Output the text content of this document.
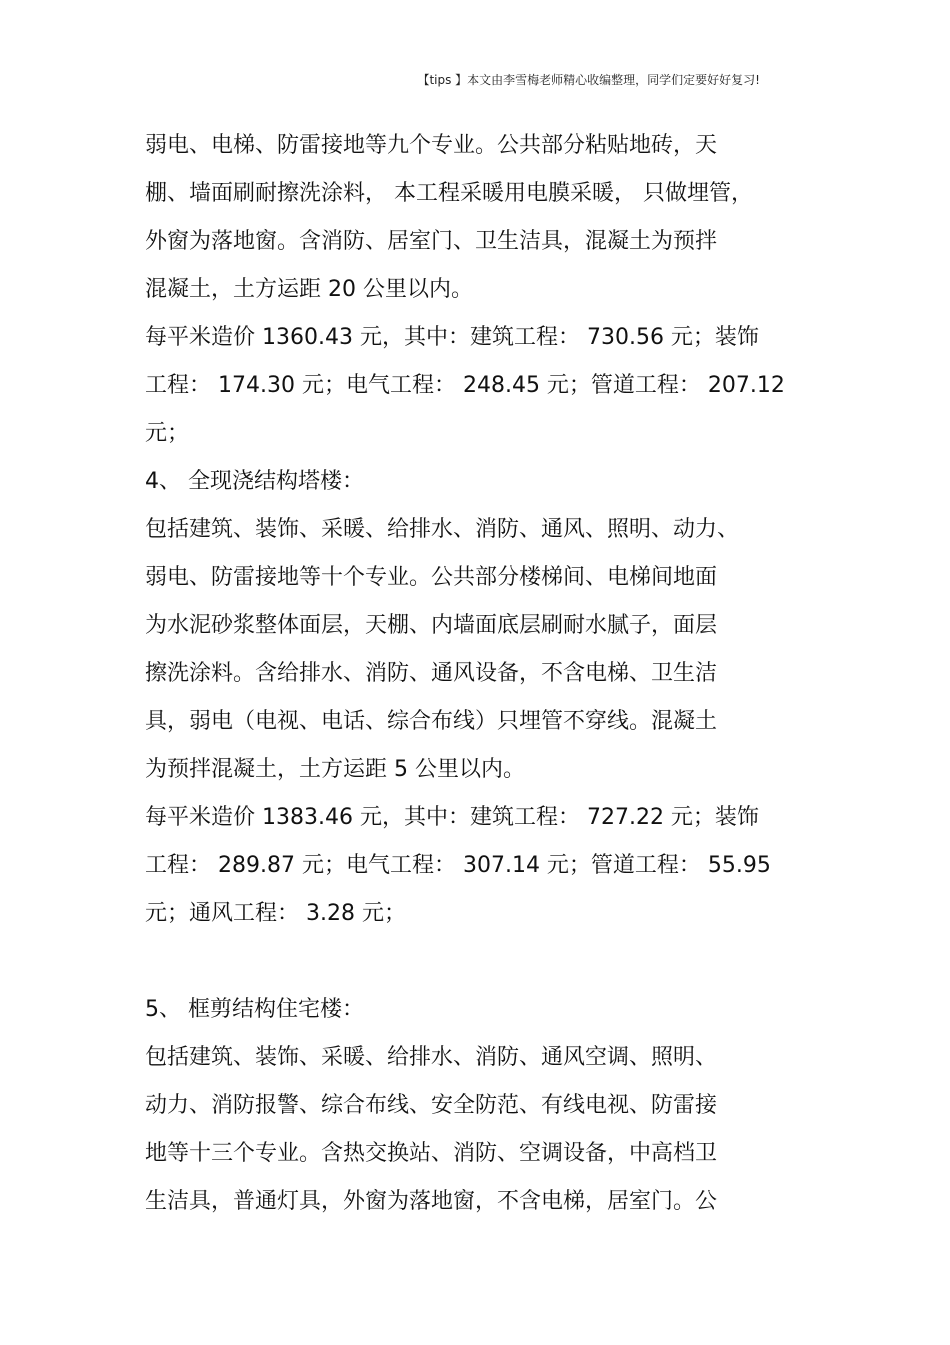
【tips 】本文由李雪梅老师精心收编整理，同学们定要好好复习!
弱电、电梯、防雷接地等九个专业。公共部分粘贴地砖，天
棚、墙面刷耐擦洗涂料， 本工程采暖用电膜采暖， 只做埋管，
外窗为落地窗。含消防、居室门、卫生洁具，混凝土为预拌
混凝土，土方运距 20 公里以内。
每平米造价 1360.43 元，其中：建筑工程： 730.56 元；装饰
工程： 174.30 元；电气工程： 248.45 元；管道工程： 207.12
元；
4、 全现浇结构塔楼：
包括建筑、装饰、采暖、给排水、消防、通风、照明、动力、
弱电、防雷接地等十个专业。公共部分楼梯间、电梯间地面
为水泥砂浆整体面层，天棚、内墙面底层刷耐水腻子，面层
擦洗涂料。含给排水、消防、通风设备，不含电梯、卫生洁
具，弱电（电视、电话、综合布线）只埋管不穿线。混凝土
为预拌混凝土，土方运距 5 公里以内。
每平米造价 1383.46 元，其中：建筑工程： 727.22 元；装饰
工程： 289.87 元；电气工程： 307.14 元；管道工程： 55.95
元；通风工程： 3.28 元；
5、 框剪结构住宅楼：
包括建筑、装饰、采暖、给排水、消防、通风空调、照明、
动力、消防报警、综合布线、安全防范、有线电视、防雷接
地等十三个专业。含热交换站、消防、空调设备，中高档卫
生洁具，普通灯具，外窗为落地窗，不含电梯，居室门。公
